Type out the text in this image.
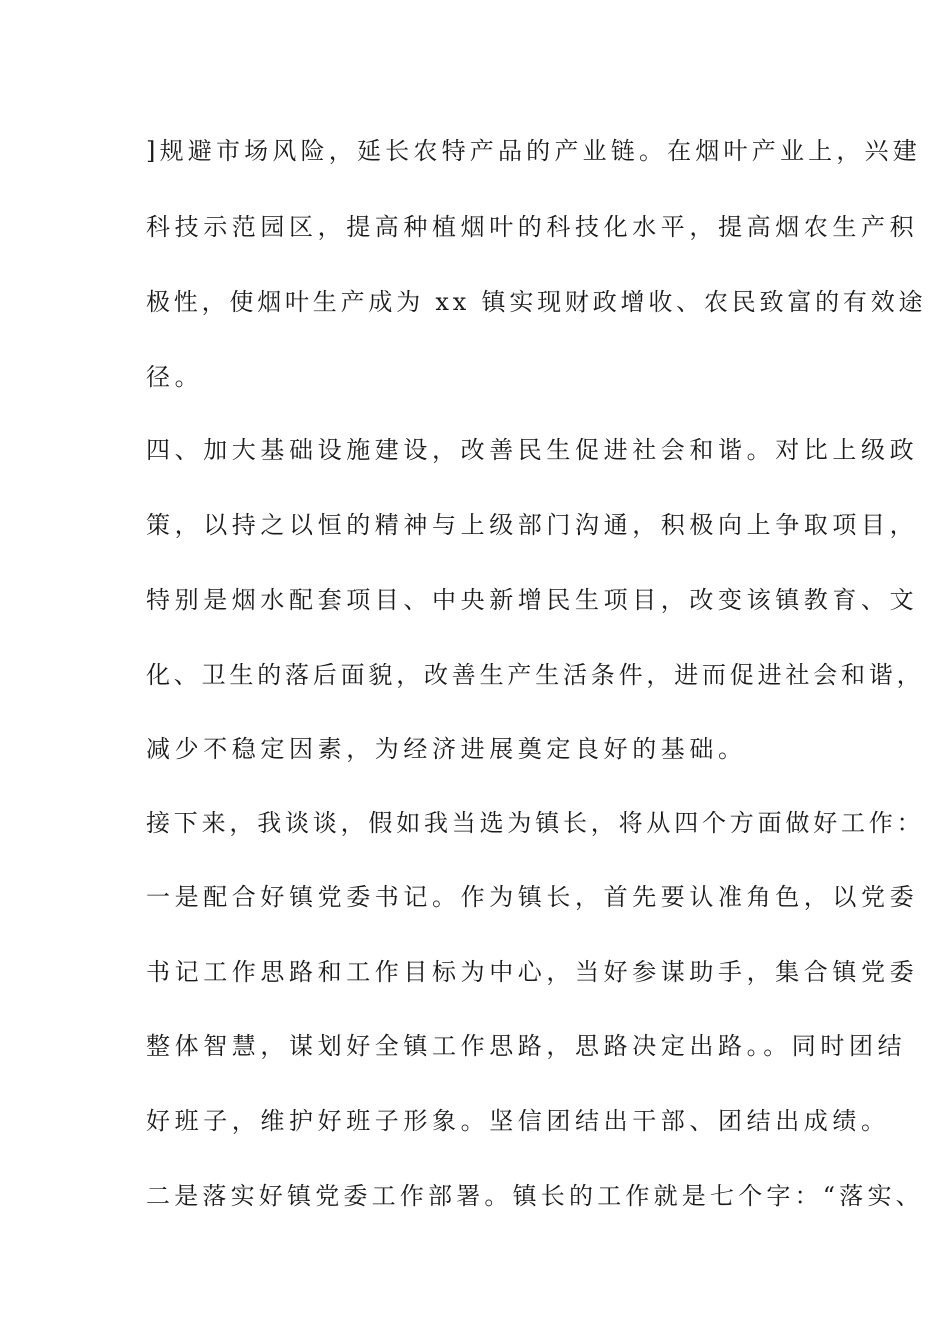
]规避市场风险，延长农特产品的产业链。在烟叶产业上，兴建
科技示范园区，提高种植烟叶的科技化水平，提高烟农生产积
极性，使烟叶生产成为 xx 镇实现财政增收、农民致富的有效途
径。
四、加大基础设施建设，改善民生促进社会和谐。对比上级政
策，以持之以恒的精神与上级部门沟通，积极向上争取项目，
特别是烟水配套项目、中央新增民生项目，改变该镇教育、文
化、卫生的落后面貌，改善生产生活条件，进而促进社会和谐，
减少不稳定因素，为经济进展奠定良好的基础。
接下来，我谈谈，假如我当选为镇长，将从四个方面做好工作：
一是配合好镇党委书记。作为镇长，首先要认准角色，以党委
书记工作思路和工作目标为中心，当好参谋助手，集合镇党委
整体智慧，谋划好全镇工作思路，思路决定出路。。同时团结
好班子，维护好班子形象。坚信团结出干部、团结出成绩。
二是落实好镇党委工作部署。镇长的工作就是七个字：“落实、
